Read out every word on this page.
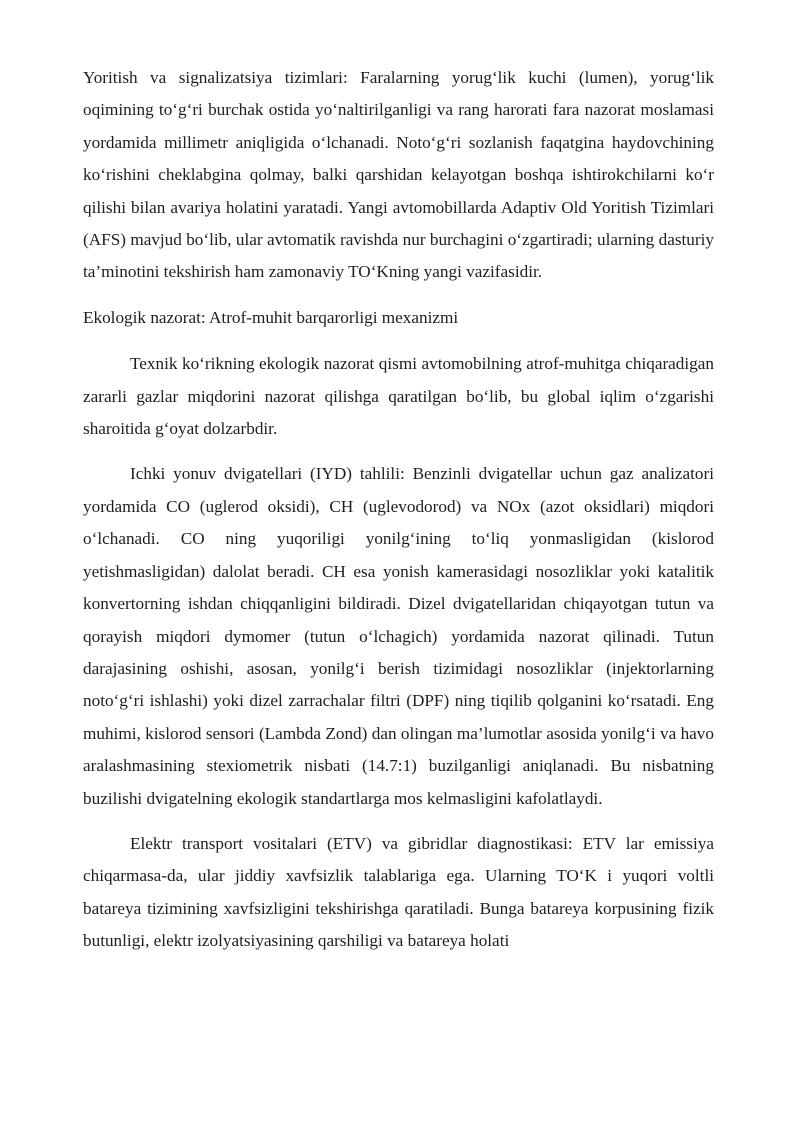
Yoritish va signalizatsiya tizimlari: Faralarning yorug‘lik kuchi (lumen), yorug‘lik oqimining to‘g‘ri burchak ostida yo‘naltirilganligi va rang harorati fara nazorat moslamasi yordamida millimetr aniqligida o‘lchanadi. Noto‘g‘ri sozlanish faqatgina haydovchining ko‘rishini cheklabgina qolmay, balki qarshidan kelayotgan boshqa ishtirokchilarni ko‘r qilishi bilan avariya holatini yaratadi. Yangi avtomobillarda Adaptiv Old Yoritish Tizimlari (AFS) mavjud bo‘lib, ular avtomatik ravishda nur burchagini o‘zgartiradi; ularning dasturiy ta’minotini tekshirish ham zamonaviy TO‘Kning yangi vazifasidir.

Ekologik nazorat: Atrof-muhit barqarorligi mexanizmi

Texnik ko‘rikning ekologik nazorat qismi avtomobilning atrof-muhitga chiqaradigan zararli gazlar miqdorini nazorat qilishga qaratilgan bo‘lib, bu global iqlim o‘zgarishi sharoitida g‘oyat dolzarbdir.

Ichki yonuv dvigatellari (IYD) tahlili: Benzinli dvigatellar uchun gaz analizatori yordamida CO (uglerod oksidi), CH (uglevodorod) va NOx (azot oksidlari) miqdori o‘lchanadi. CO ning yuqoriligi yonilg‘ining to‘liq yonmasligidan (kislorod yetishmasligidan) dalolat beradi. CH esa yonish kamerasidagi nosozliklar yoki katalitik konvertorning ishdan chiqqanligini bildiradi. Dizel dvigatellaridan chiqayotgan tutun va qorayish miqdori dymomer (tutun o‘lchagich) yordamida nazorat qilinadi. Tutun darajasining oshishi, asosan, yonilg‘i berish tizimidagi nosozliklar (injektorlarning noto‘g‘ri ishlashi) yoki dizel zarrachalar filtri (DPF) ning tiqilib qolganini ko‘rsatadi. Eng muhimi, kislorod sensori (Lambda Zond) dan olingan ma’lumotlar asosida yonilg‘i va havo aralashmasining stexiometrik nisbati (14.7:1) buzilganligi aniqlanadi. Bu nisbatning buzilishi dvigatelning ekologik standartlarga mos kelmasligini kafolatlaydi.

Elektr transport vositalari (ETV) va gibridlar diagnostikasi: ETV lar emissiya chiqarmasa-da, ular jiddiy xavfsizlik talablariga ega. Ularning TO‘K i yuqori voltli batareya tizimining xavfsizligini tekshirishga qaratiladi. Bunga batareya korpusining fizik butunligi, elektr izolyatsiyasining qarshiligi va batareya holati
